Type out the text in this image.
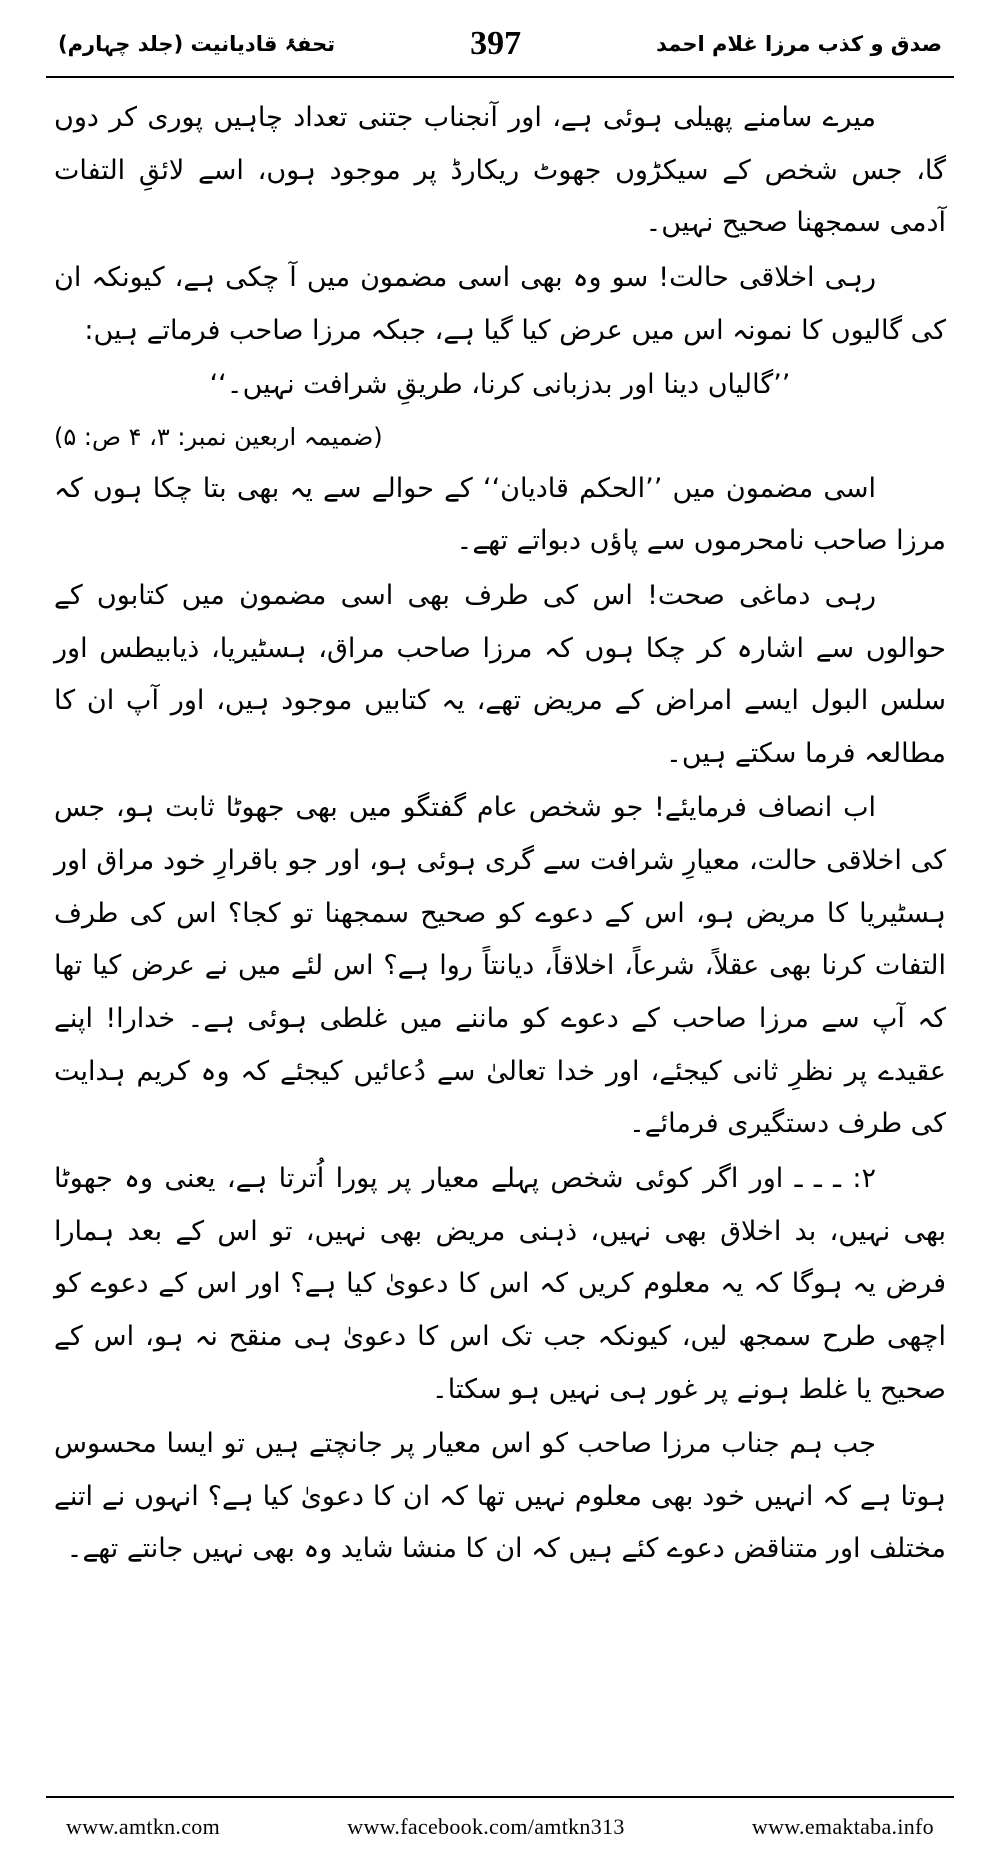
تحفۂ قادیانیت (جلد چہارم)	397	صدق و کذب مرزا غلام احمد

میرے سامنے پھیلی ہوئی ہے، اور آنجناب جتنی تعداد چاہیں پوری کر دوں گا، جس شخص کے سیکڑوں جھوٹ ریکارڈ پر موجود ہوں، اسے لائقِ التفات آدمی سمجھنا صحیح نہیں۔

رہی اخلاقی حالت! سو وہ بھی اسی مضمون میں آ چکی ہے، کیونکہ ان کی گالیوں کا نمونہ اس میں عرض کیا گیا ہے، جبکہ مرزا صاحب فرماتے ہیں:

’’گالیاں دینا اور بدزبانی کرنا، طریقِ شرافت نہیں۔‘‘

(ضمیمہ اربعین نمبر: ۳، ۴ ص: ۵)

اسی مضمون میں ’’الحکم قادیان‘‘ کے حوالے سے یہ بھی بتا چکا ہوں کہ مرزا صاحب نامحرموں سے پاؤں دبواتے تھے۔

رہی دماغی صحت! اس کی طرف بھی اسی مضمون میں کتابوں کے حوالوں سے اشارہ کر چکا ہوں کہ مرزا صاحب مراق، ہسٹیریا، ذیابیطس اور سلس البول ایسے امراض کے مریض تھے، یہ کتابیں موجود ہیں، اور آپ ان کا مطالعہ فرما سکتے ہیں۔

اب انصاف فرمایئے! جو شخص عام گفتگو میں بھی جھوٹا ثابت ہو، جس کی اخلاقی حالت، معیارِ شرافت سے گری ہوئی ہو، اور جو باقرارِ خود مراق اور ہسٹیریا کا مریض ہو، اس کے دعوے کو صحیح سمجھنا تو کجا؟ اس کی طرف التفات کرنا بھی عقلاً، شرعاً، اخلاقاً، دیانتاً روا ہے؟ اس لئے میں نے عرض کیا تھا کہ آپ سے مرزا صاحب کے دعوے کو ماننے میں غلطی ہوئی ہے۔ خدارا! اپنے عقیدے پر نظرِ ثانی کیجئے، اور خدا تعالیٰ سے دُعائیں کیجئے کہ وہ کریم ہدایت کی طرف دستگیری فرمائے۔

۲: ـ ـ ـ اور اگر کوئی شخص پہلے معیار پر پورا اُترتا ہے، یعنی وہ جھوٹا بھی نہیں، بد اخلاق بھی نہیں، ذہنی مریض بھی نہیں، تو اس کے بعد ہمارا فرض یہ ہوگا کہ یہ معلوم کریں کہ اس کا دعویٰ کیا ہے؟ اور اس کے دعوے کو اچھی طرح سمجھ لیں، کیونکہ جب تک اس کا دعویٰ ہی منقح نہ ہو، اس کے صحیح یا غلط ہونے پر غور ہی نہیں ہو سکتا۔

جب ہم جناب مرزا صاحب کو اس معیار پر جانچتے ہیں تو ایسا محسوس ہوتا ہے کہ انہیں خود بھی معلوم نہیں تھا کہ ان کا دعویٰ کیا ہے؟ انہوں نے اتنے مختلف اور متناقض دعوے کئے ہیں کہ ان کا منشا شاید وہ بھی نہیں جانتے تھے۔

www.amtkn.com	www.facebook.com/amtkn313	www.emaktaba.info
